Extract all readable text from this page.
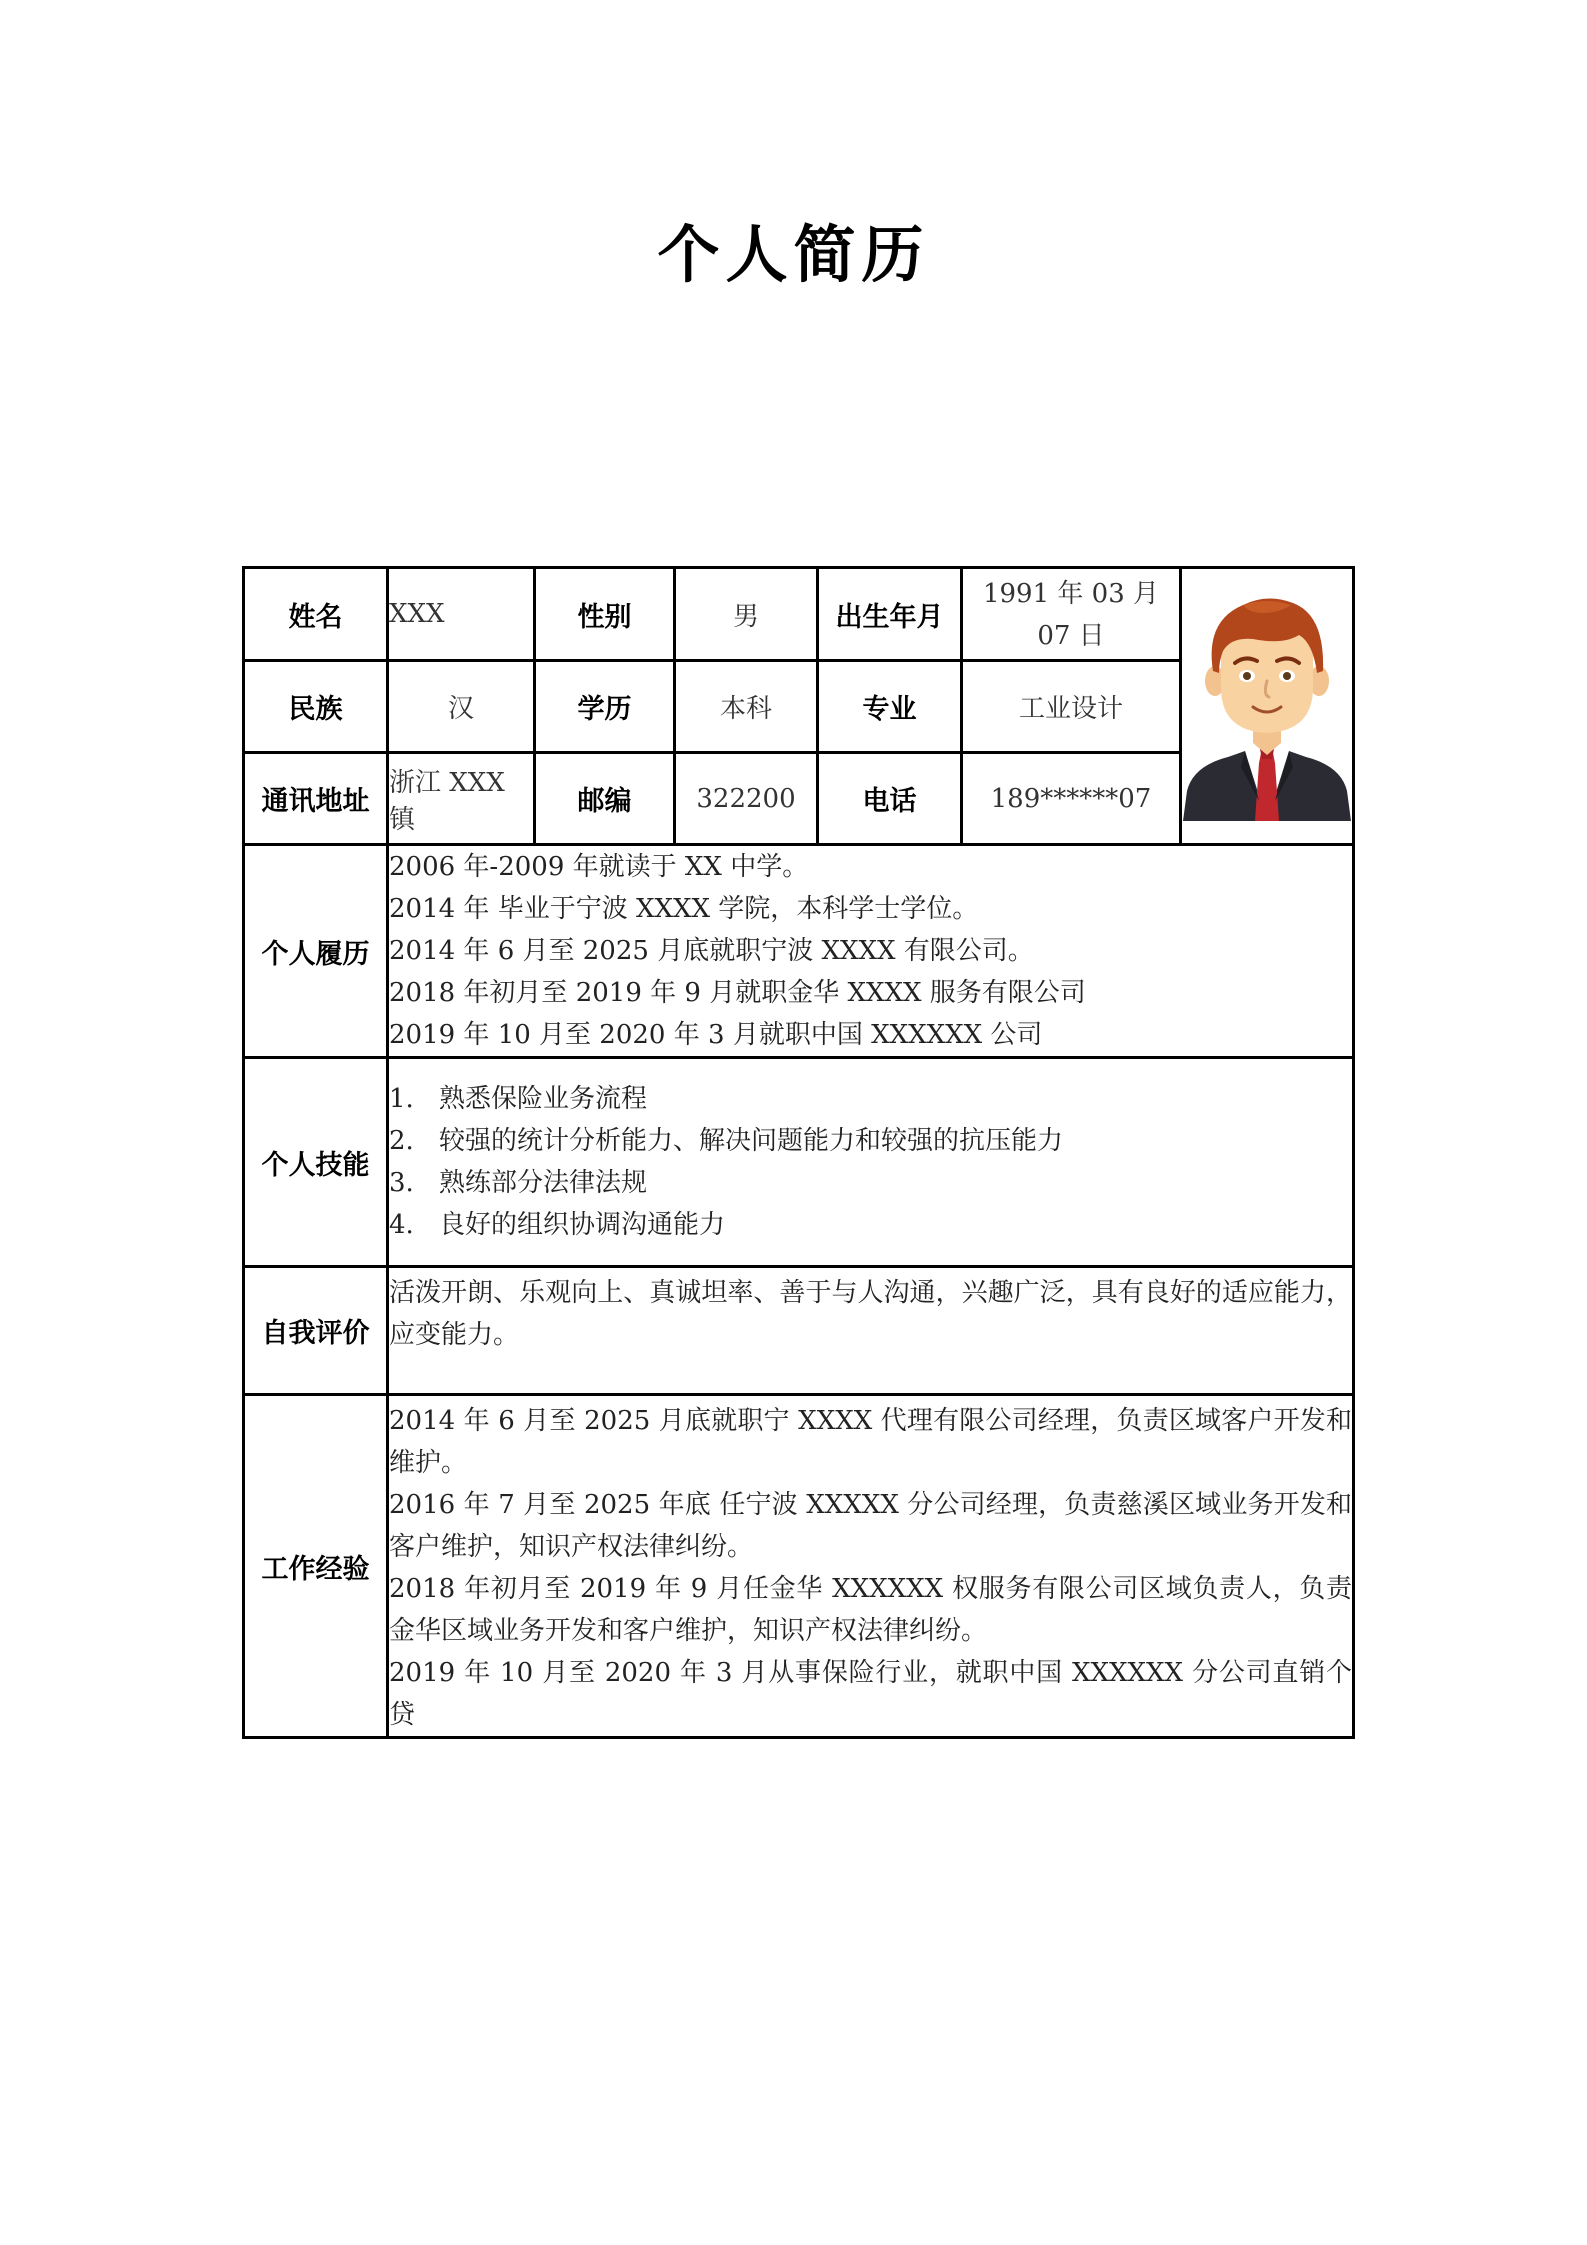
个人简历
姓名	XXX	性别	男	出生年月	1991 年 03 月 07 日

民族	汉	学历	本科	专业	工业设计	
通讯地址	浙江 XXX 镇	邮编	322200	电话	189******07	
个人履历	2006 年-2009 年就读于 XX 中学。
2014 年 毕业于宁波 XXXX 学院，本科学士学位。
2014 年 6 月至 2025 月底就职宁波 XXXX 有限公司。
2018 年初月至 2019 年 9 月就职金华 XXXX 服务有限公司
2019 年 10 月至 2020 年 3 月就职中国 XXXXXX 公司					

个人技能	1. 熟悉保险业务流程
2. 较强的统计分析能力、解决问题能力和较强的抗压能力
3. 熟练部分法律法规
4. 良好的组织协调沟通能力					

自我评价	活泼开朗、乐观向上、真诚坦率、善于与人沟通，兴趣广泛，具有良好的适应能力，应变能力。					

工作经验	2014 年 6 月至 2025 月底就职宁 XXXX 代理有限公司经理，负责区域客户开发和维护。
2016 年 7 月至 2025 年底 任宁波 XXXXX 分公司经理，负责慈溪区域业务开发和客户维护，知识产权法律纠纷。
2018 年初月至 2019 年 9 月任金华 XXXXXX 权服务有限公司区域负责人，负责金华区域业务开发和客户维护，知识产权法律纠纷。
2019 年 10 月至 2020 年 3 月从事保险行业，就职中国 XXXXXX 分公司直销个贷					
